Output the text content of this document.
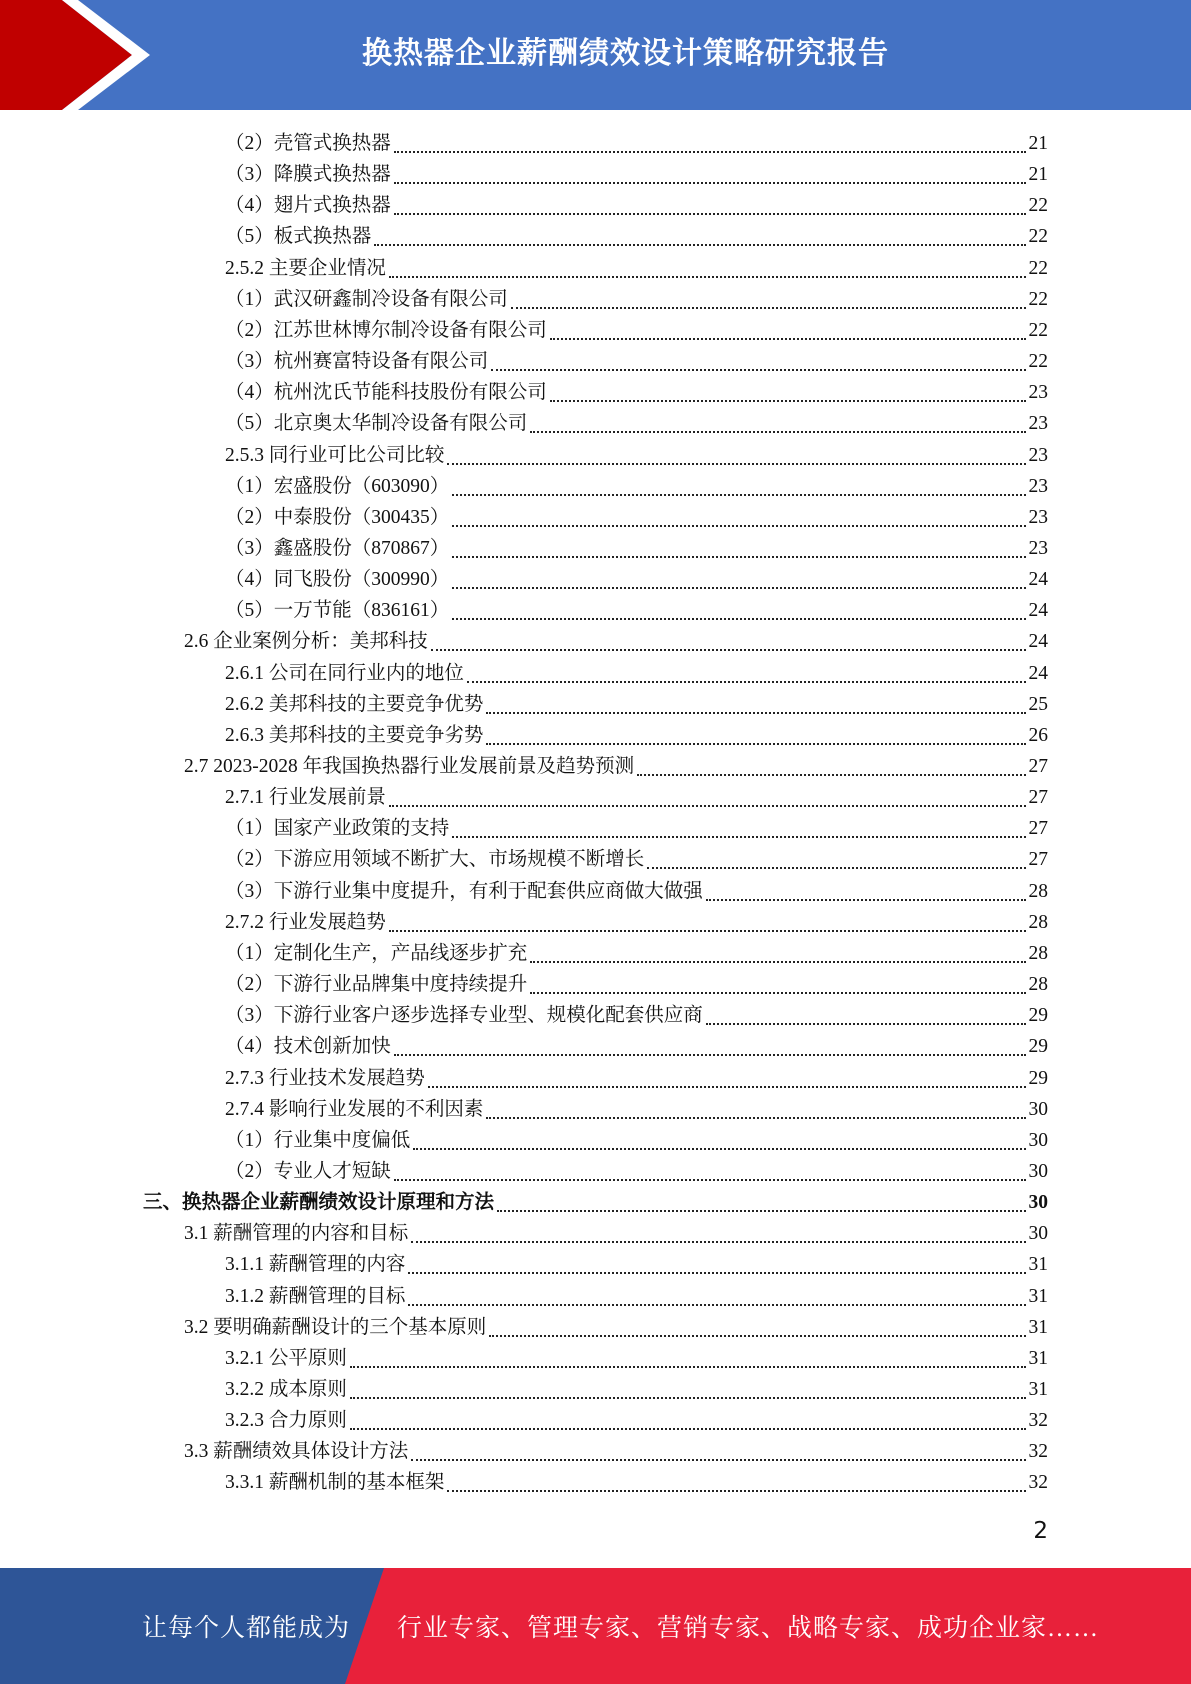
换热器企业薪酬绩效设计策略研究报告
（2）壳管式换热器	21
（3）降膜式换热器	21
（4）翅片式换热器	22
（5）板式换热器	22
2.5.2 主要企业情况	22
（1）武汉研鑫制冷设备有限公司	22
（2）江苏世林博尔制冷设备有限公司	22
（3）杭州赛富特设备有限公司	22
（4）杭州沈氏节能科技股份有限公司	23
（5）北京奥太华制冷设备有限公司	23
2.5.3 同行业可比公司比较	23
（1）宏盛股份（603090）	23
（2）中泰股份（300435）	23
（3）鑫盛股份（870867）	23
（4）同飞股份（300990）	24
（5）一万节能（836161）	24
2.6 企业案例分析：美邦科技	24
2.6.1 公司在同行业内的地位	24
2.6.2 美邦科技的主要竞争优势	25
2.6.3 美邦科技的主要竞争劣势	26
2.7 2023-2028 年我国换热器行业发展前景及趋势预测	27
2.7.1 行业发展前景	27
（1）国家产业政策的支持	27
（2）下游应用领域不断扩大、市场规模不断增长	27
（3）下游行业集中度提升，有利于配套供应商做大做强	28
2.7.2 行业发展趋势	28
（1）定制化生产，产品线逐步扩充	28
（2）下游行业品牌集中度持续提升	28
（3）下游行业客户逐步选择专业型、规模化配套供应商	29
（4）技术创新加快	29
2.7.3 行业技术发展趋势	29
2.7.4 影响行业发展的不利因素	30
（1）行业集中度偏低	30
（2）专业人才短缺	30
三、换热器企业薪酬绩效设计原理和方法	30
3.1 薪酬管理的内容和目标	30
3.1.1 薪酬管理的内容	31
3.1.2 薪酬管理的目标	31
3.2 要明确薪酬设计的三个基本原则	31
3.2.1 公平原则	31
3.2.2 成本原则	31
3.2.3 合力原则	32
3.3 薪酬绩效具体设计方法	32
3.3.1 薪酬机制的基本框架	32
2
让每个人都能成为 行业专家、管理专家、营销专家、战略专家、成功企业家……
